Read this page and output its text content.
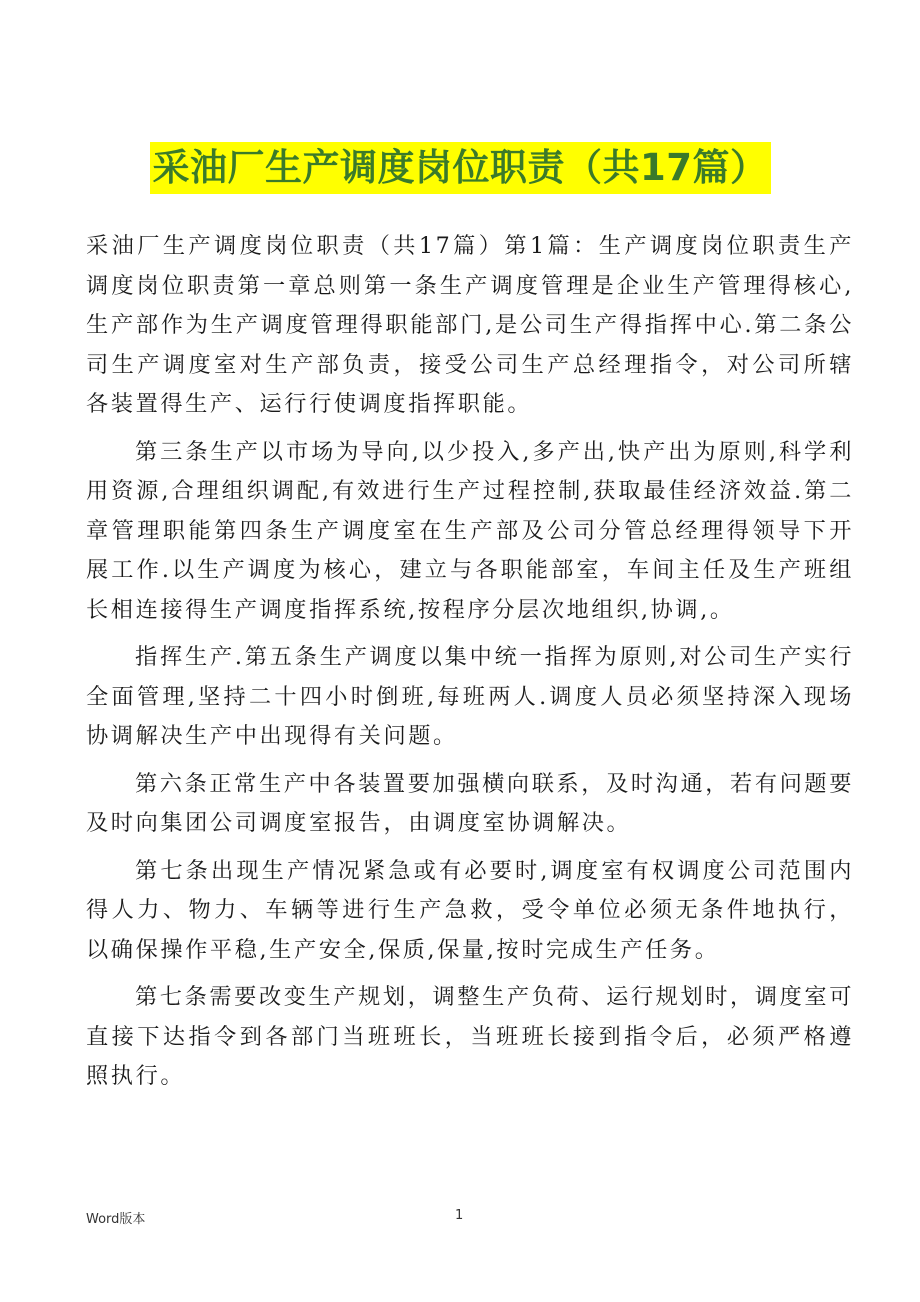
采油厂生产调度岗位职责（共17篇）

采油厂生产调度岗位职责（共17篇）第1篇：生产调度岗位职责生产调度岗位职责第一章总则第一条生产调度管理是企业生产管理得核心,生产部作为生产调度管理得职能部门,是公司生产得指挥中心.第二条公司生产调度室对生产部负责，接受公司生产总经理指令，对公司所辖各装置得生产、运行行使调度指挥职能。

第三条生产以市场为导向,以少投入,多产出,快产出为原则,科学利用资源,合理组织调配,有效进行生产过程控制,获取最佳经济效益.第二章管理职能第四条生产调度室在生产部及公司分管总经理得领导下开展工作.以生产调度为核心，建立与各职能部室，车间主任及生产班组长相连接得生产调度指挥系统,按程序分层次地组织,协调,。

指挥生产.第五条生产调度以集中统一指挥为原则,对公司生产实行全面管理,坚持二十四小时倒班,每班两人.调度人员必须坚持深入现场协调解决生产中出现得有关问题。

第六条正常生产中各装置要加强横向联系，及时沟通，若有问题要及时向集团公司调度室报告，由调度室协调解决。

第七条出现生产情况紧急或有必要时,调度室有权调度公司范围内得人力、物力、车辆等进行生产急救，受令单位必须无条件地执行，以确保操作平稳,生产安全,保质,保量,按时完成生产任务。

第七条需要改变生产规划，调整生产负荷、运行规划时，调度室可直接下达指令到各部门当班班长，当班班长接到指令后，必须严格遵照执行。

Word版本	1
